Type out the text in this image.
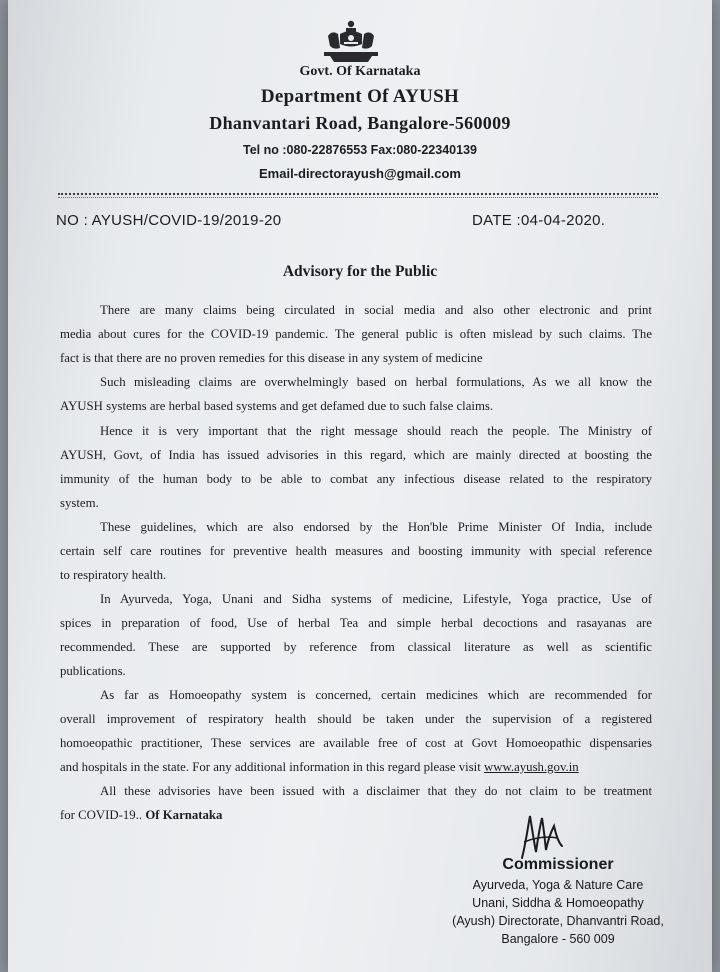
Govt. Of Karnataka
Department Of AYUSH
Dhanvantari Road, Bangalore-560009
Tel no :080-22876553 Fax:080-22340139
Email-directorayush@gmail.com
NO : AYUSH/COVID-19/2019-20	DATE :04-04-2020.
Advisory for the Public
There are many claims being circulated in social media and also other electronic and print
media about cures for the COVID-19 pandemic. The general public is often mislead by such claims. The
fact is that there are no proven remedies for this disease in any system of medicine
Such misleading claims are overwhelmingly based on herbal formulations, As we all know the
AYUSH systems are herbal based systems and get defamed due to such false claims.
Hence it is very important that the right message should reach the people. The Ministry of
AYUSH, Govt, of India has issued advisories in this regard, which are mainly directed at boosting the
immunity of the human body to be able to combat any infectious disease related to the respiratory
system.
These guidelines, which are also endorsed by the Hon'ble Prime Minister Of India, include
certain self care routines for preventive health measures and boosting immunity with special reference
to respiratory health.
In Ayurveda, Yoga, Unani and Sidha systems of medicine, Lifestyle, Yoga practice, Use of
spices in preparation of food, Use of herbal Tea and simple herbal decoctions and rasayanas are
recommended. These are supported by reference from classical literature as well as scientific
publications.
As far as Homoeopathy system is concerned, certain medicines which are recommended for
overall improvement of respiratory health should be taken under the supervision of a registered
homoeopathic practitioner, These services are available free of cost at Govt Homoeopathic dispensaries
and hospitals in the state. For any additional information in this regard please visit www.ayush.gov.in
All these advisories have been issued with a disclaimer that they do not claim to be treatment
for COVID-19.. Of Karnataka
Commissioner
Ayurveda, Yoga & Nature Care
Unani, Siddha & Homoeopathy
(Ayush) Directorate, Dhanvantri Road,
Bangalore - 560 009
